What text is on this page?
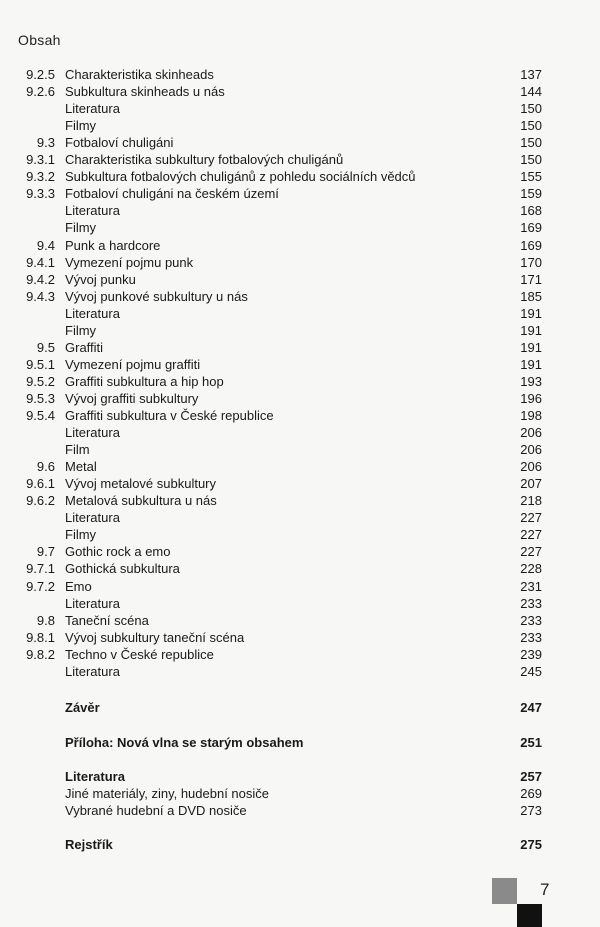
Obsah
9.2.5 Charakteristika skinheads	137
9.2.6 Subkultura skinheads u nás	144
Literatura	150
Filmy	150
9.3 Fotbaloví chuligáni	150
9.3.1 Charakteristika subkultury fotbalových chuligánů	150
9.3.2 Subkultura fotbalových chuligánů z pohledu sociálních vědců	155
9.3.3 Fotbaloví chuligáni na českém území	159
Literatura	168
Filmy	169
9.4 Punk a hardcore	169
9.4.1 Vymezení pojmu punk	170
9.4.2 Vývoj punku	171
9.4.3 Vývoj punkové subkultury u nás	185
Literatura	191
Filmy	191
9.5 Graffiti	191
9.5.1 Vymezení pojmu graffiti	191
9.5.2 Graffiti subkultura a hip hop	193
9.5.3 Vývoj graffiti subkultury	196
9.5.4 Graffiti subkultura v České republice	198
Literatura	206
Film	206
9.6 Metal	206
9.6.1 Vývoj metalové subkultury	207
9.6.2 Metalová subkultura u nás	218
Literatura	227
Filmy	227
9.7 Gothic rock a emo	227
9.7.1 Gothická subkultura	228
9.7.2 Emo	231
Literatura	233
9.8 Taneční scéna	233
9.8.1 Vývoj subkultury taneční scéna	233
9.8.2 Techno v České republice	239
Literatura	245
Závěr	247
Příloha: Nová vlna se starým obsahem	251
Literatura	257
Jiné materiály, ziny, hudební nosiče	269
Vybrané hudební a DVD nosiče	273
Rejstřík	275
7
